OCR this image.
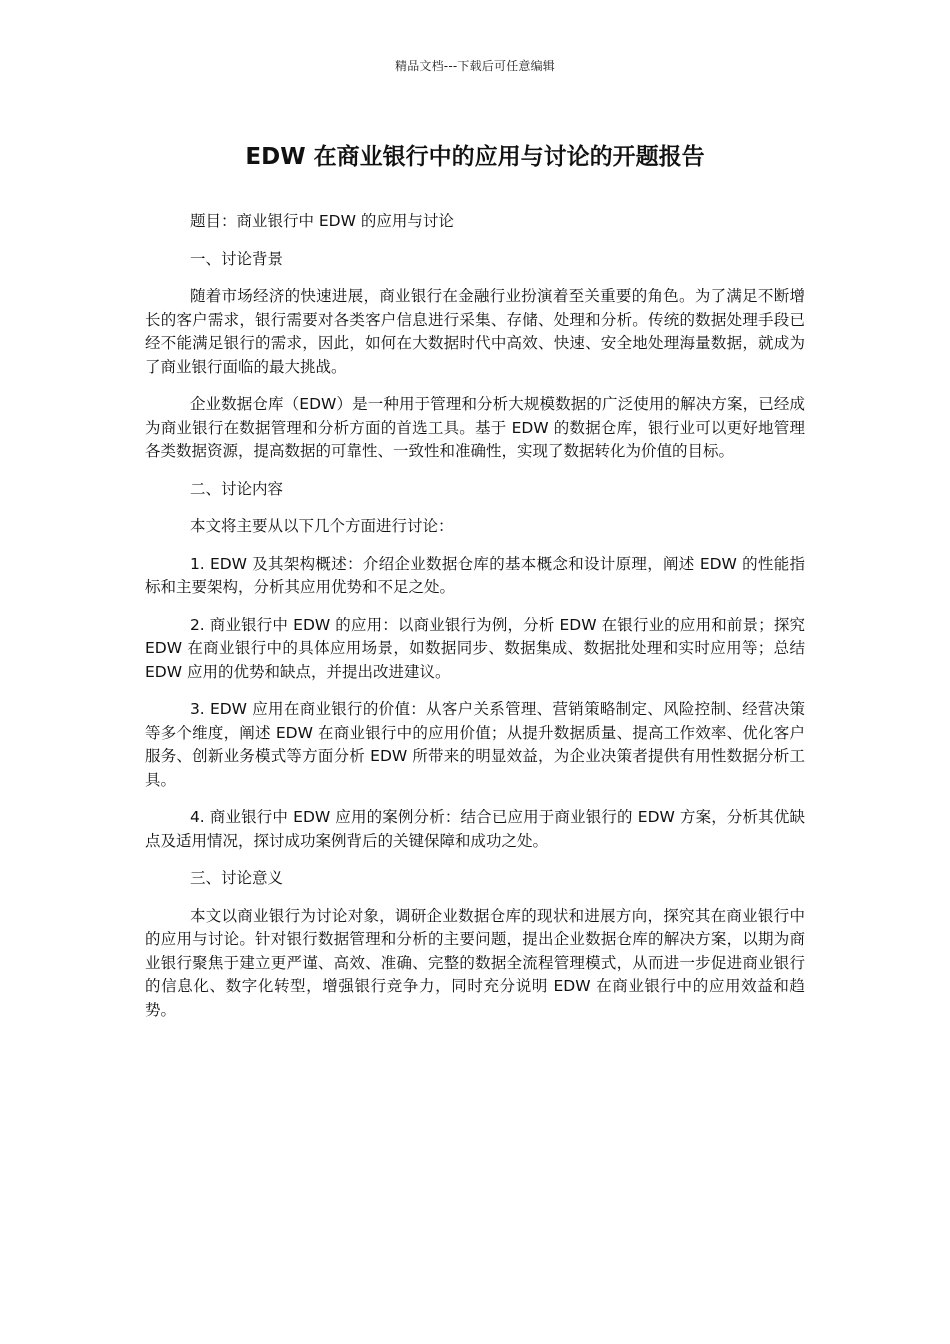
精品文档---下载后可任意编辑
EDW 在商业银行中的应用与讨论的开题报告

题目：商业银行中 EDW 的应用与讨论

一、讨论背景

随着市场经济的快速进展，商业银行在金融行业扮演着至关重要的角色。为了满足不断增长的客户需求，银行需要对各类客户信息进行采集、存储、处理和分析。传统的数据处理手段已经不能满足银行的需求，因此，如何在大数据时代中高效、快速、安全地处理海量数据，就成为了商业银行面临的最大挑战。

企业数据仓库（EDW）是一种用于管理和分析大规模数据的广泛使用的解决方案，已经成为商业银行在数据管理和分析方面的首选工具。基于 EDW 的数据仓库，银行业可以更好地管理各类数据资源，提高数据的可靠性、一致性和准确性，实现了数据转化为价值的目标。

二、讨论内容

本文将主要从以下几个方面进行讨论：

1. EDW 及其架构概述：介绍企业数据仓库的基本概念和设计原理，阐述 EDW 的性能指标和主要架构，分析其应用优势和不足之处。

2. 商业银行中 EDW 的应用：以商业银行为例，分析 EDW 在银行业的应用和前景；探究 EDW 在商业银行中的具体应用场景，如数据同步、数据集成、数据批处理和实时应用等；总结 EDW 应用的优势和缺点，并提出改进建议。

3. EDW 应用在商业银行的价值：从客户关系管理、营销策略制定、风险控制、经营决策等多个维度，阐述 EDW 在商业银行中的应用价值；从提升数据质量、提高工作效率、优化客户服务、创新业务模式等方面分析 EDW 所带来的明显效益，为企业决策者提供有用性数据分析工具。

4. 商业银行中 EDW 应用的案例分析：结合已应用于商业银行的 EDW 方案，分析其优缺点及适用情况，探讨成功案例背后的关键保障和成功之处。

三、讨论意义

本文以商业银行为讨论对象，调研企业数据仓库的现状和进展方向，探究其在商业银行中的应用与讨论。针对银行数据管理和分析的主要问题，提出企业数据仓库的解决方案，以期为商业银行聚焦于建立更严谨、高效、准确、完整的数据全流程管理模式，从而进一步促进商业银行的信息化、数字化转型，增强银行竞争力，同时充分说明 EDW 在商业银行中的应用效益和趋势。
